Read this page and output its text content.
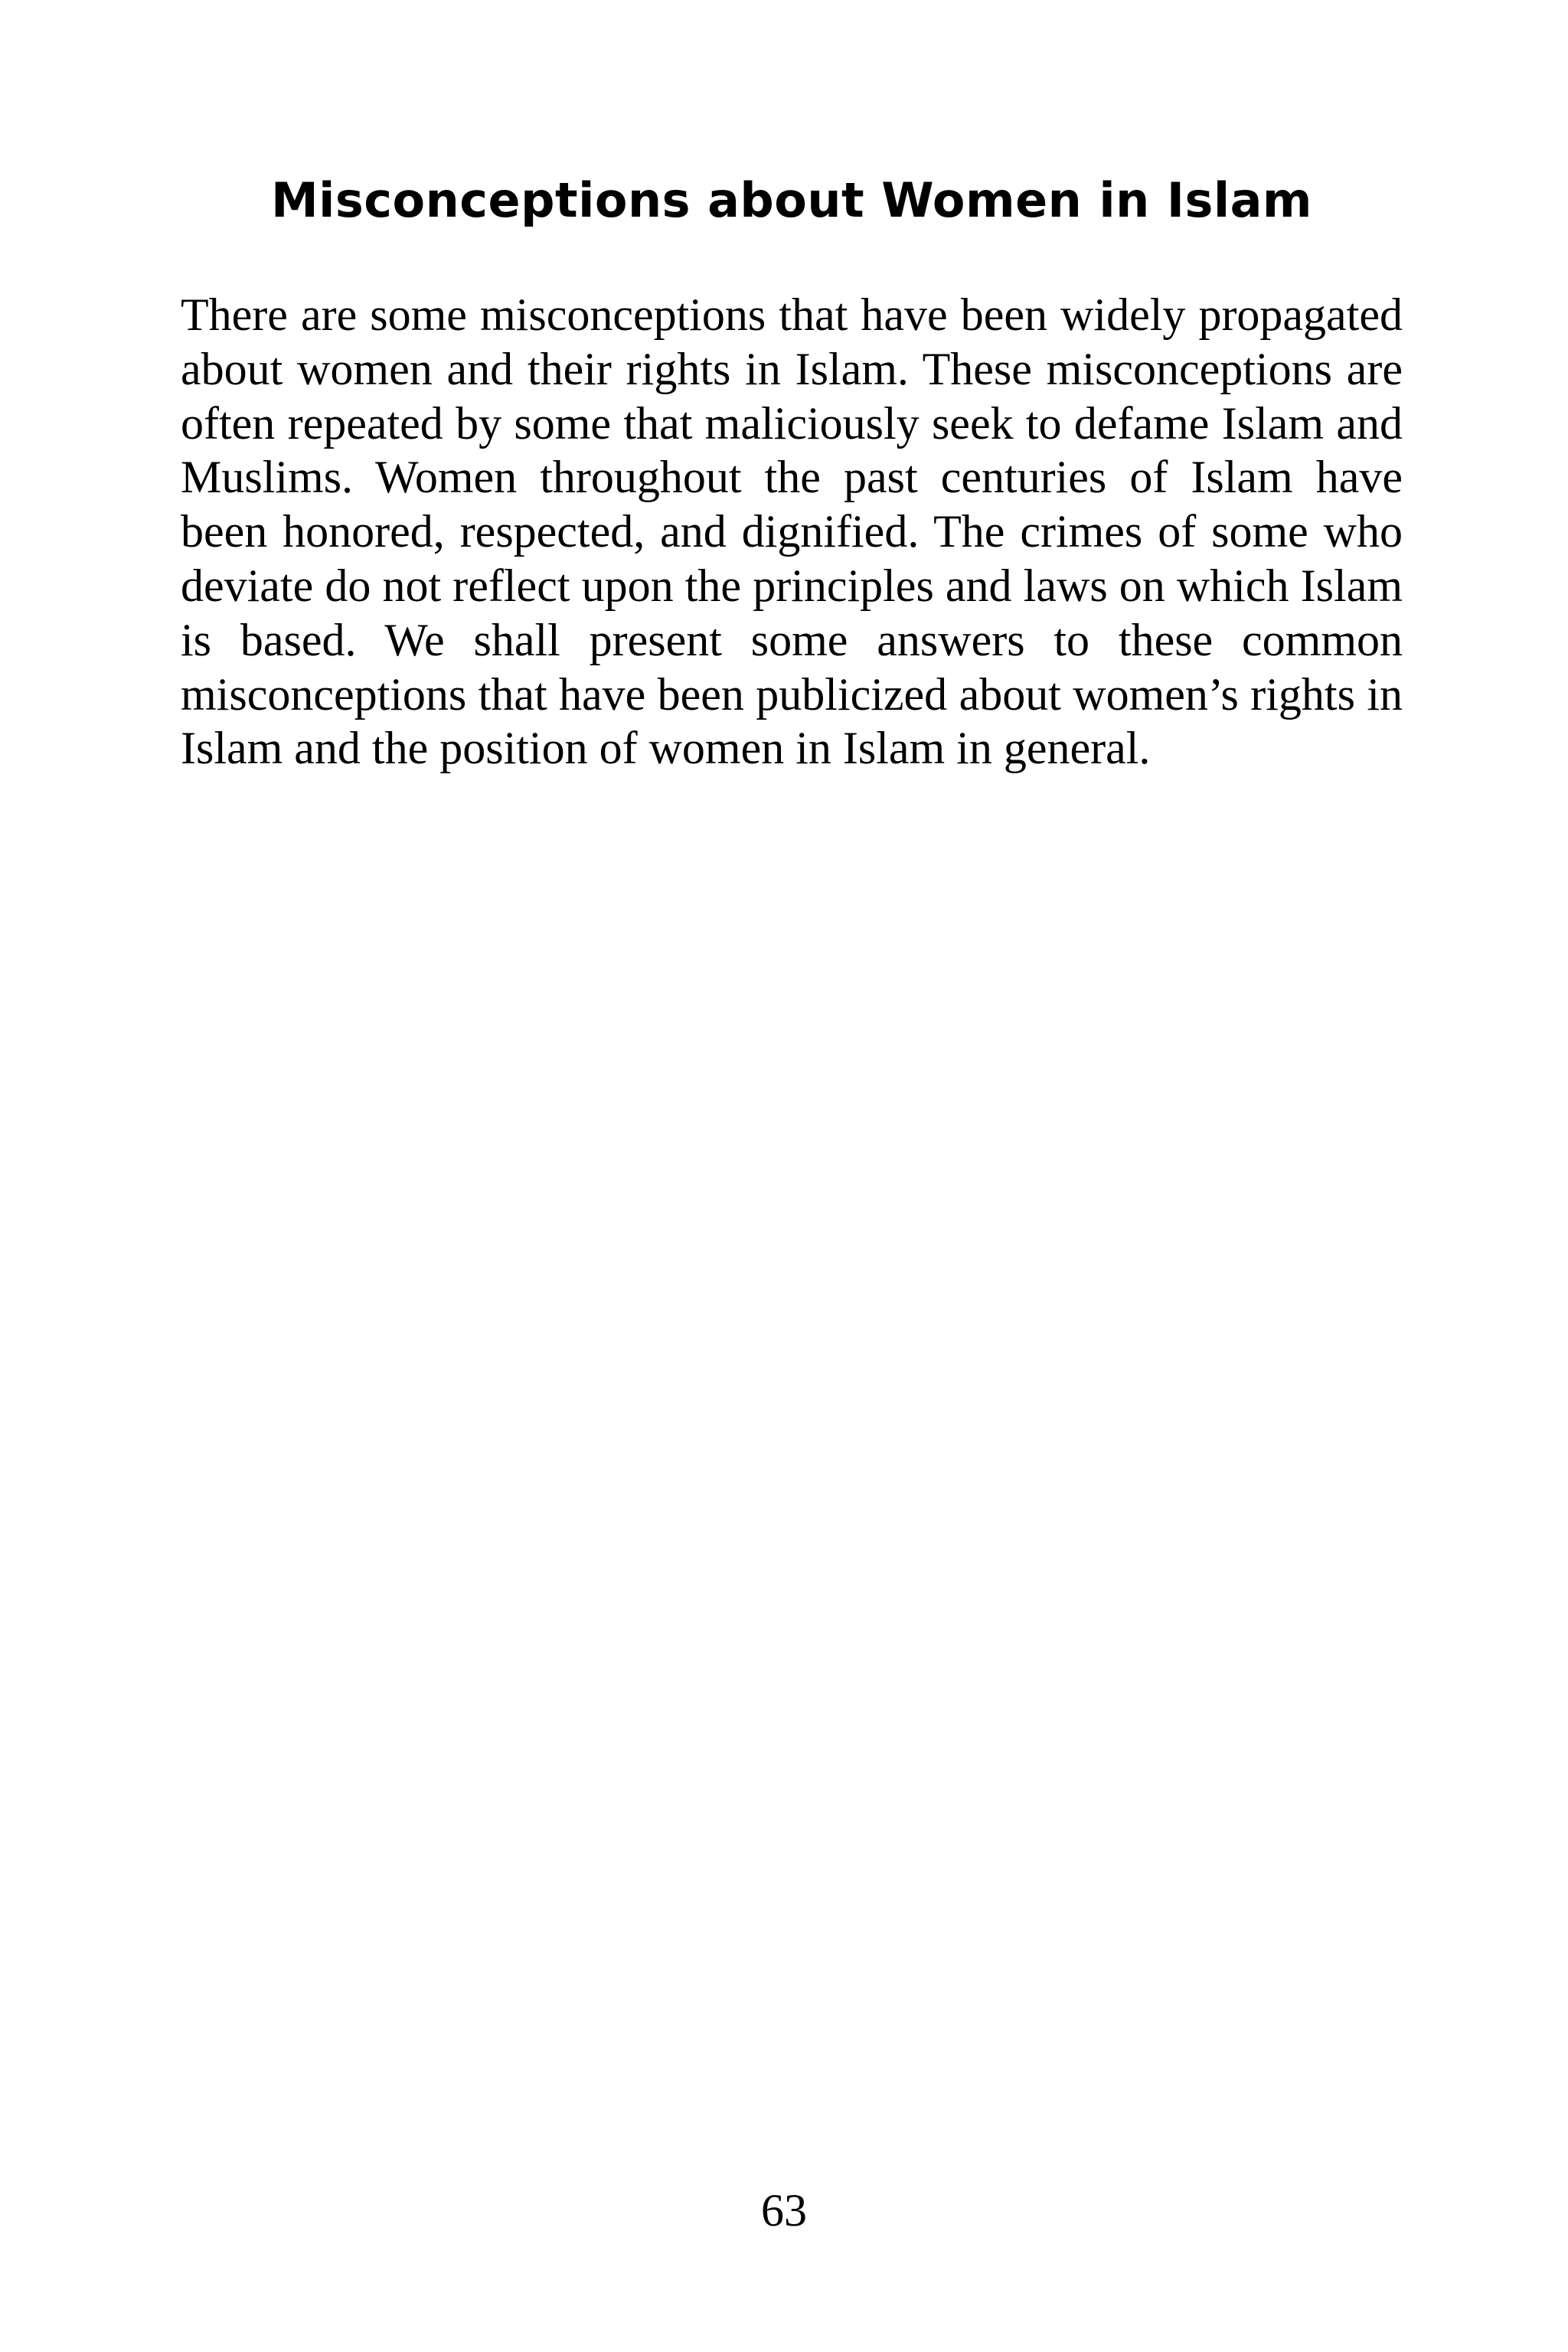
Misconceptions about Women in Islam

There are some misconceptions that have been widely propagated about women and their rights in Islam. These misconceptions are often repeated by some that maliciously seek to defame Islam and Muslims. Women throughout the past centuries of Islam have been honored, respected, and dignified. The crimes of some who deviate do not reflect upon the principles and laws on which Islam is based. We shall present some answers to these common misconceptions that have been publicized about women’s rights in Islam and the position of women in Islam in general.

63
